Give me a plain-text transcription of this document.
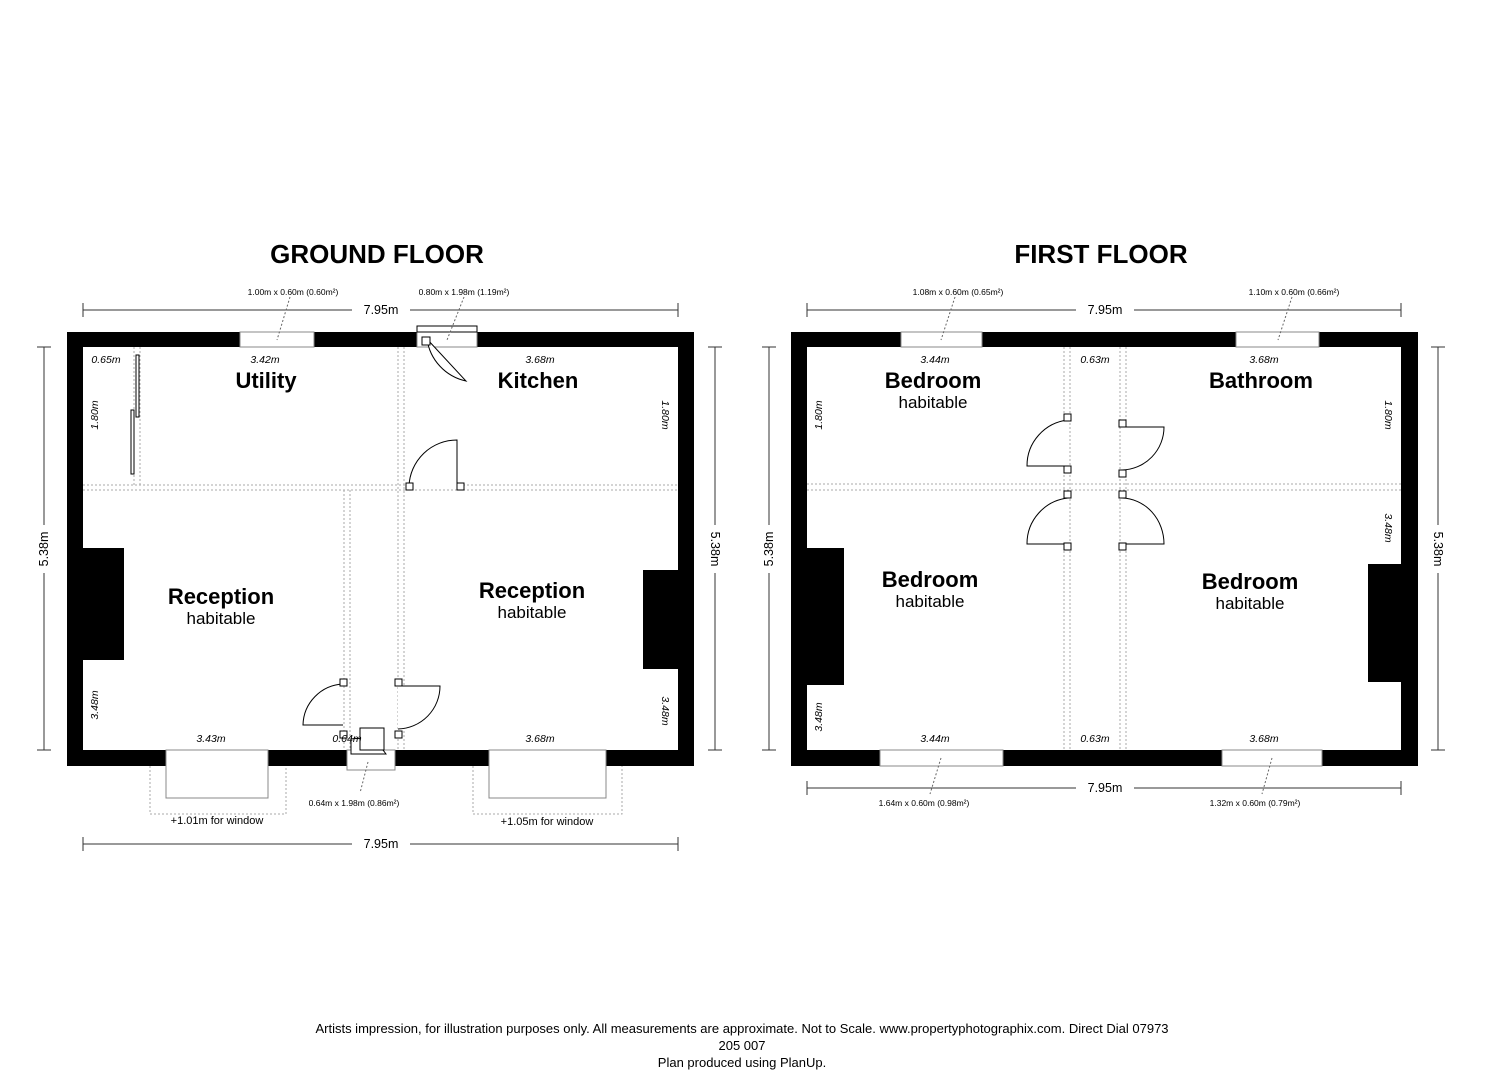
GROUND FLOOR
7.95m
7.95m
5.38m	5.38m
1.00m x 0.60m (0.60m²)	0.80m x 1.98m (1.19m²)
0.64m x 1.98m (0.86m²)
+1.01m for window	+1.05m for window
Utility	Kitchen
Reception
habitable
Reception
habitable
3.42m
0.65m
1.80m
3.68m
1.80m
3.43m
3.48m
0.64m	3.68m
3.48m
FIRST FLOOR
7.95m
7.95m
5.38m	5.38m
1.08m x 0.60m (0.65m²)	1.10m x 0.60m (0.66m²)
1.64m x 0.60m (0.98m²)	1.32m x 0.60m (0.79m²)
Bedroom
habitable
Bathroom
Bedroom
habitable
Bedroom
habitable
3.44m	0.63m	3.68m
1.80m	1.80m
3.48m
3.48m
3.44m	0.63m	3.68m
Artists impression, for illustration purposes only. All measurements are approximate. Not to Scale. www.propertyphotographix.com. Direct Dial 07973
205 007
Plan produced using PlanUp.
